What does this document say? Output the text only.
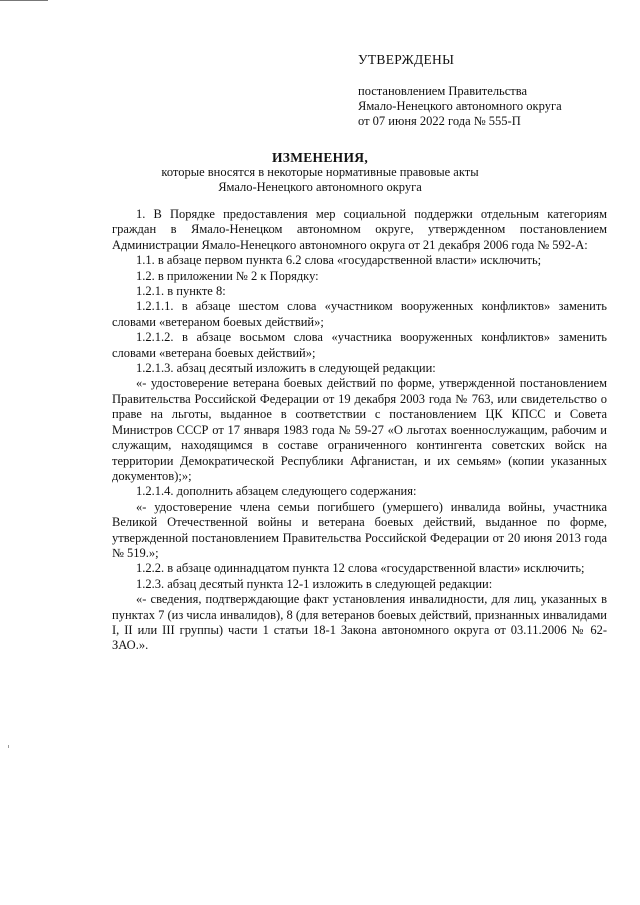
УТВЕРЖДЕНЫ
постановлением Правительства
Ямало-Ненецкого автономного округа
от 07 июня 2022 года № 555-П
ИЗМЕНЕНИЯ,
которые вносятся в некоторые нормативные правовые акты
Ямало-Ненецкого автономного округа

1. В Порядке предоставления мер социальной поддержки отдельным категориям граждан в Ямало-Ненецком автономном округе, утвержденном постановлением Администрации Ямало-Ненецкого автономного округа от 21 декабря 2006 года № 592-А:

1.1. в абзаце первом пункта 6.2 слова «государственной власти» исключить;

1.2. в приложении № 2 к Порядку:

1.2.1. в пункте 8:

1.2.1.1. в абзаце шестом слова «участником вооруженных конфликтов» заменить словами «ветераном боевых действий»;

1.2.1.2. в абзаце восьмом слова «участника вооруженных конфликтов» заменить словами «ветерана боевых действий»;

1.2.1.3. абзац десятый изложить в следующей редакции:

«- удостоверение ветерана боевых действий по форме, утвержденной постановлением Правительства Российской Федерации от 19 декабря 2003 года № 763, или свидетельство о праве на льготы, выданное в соответствии с постановлением ЦК КПСС и Совета Министров СССР от 17 января 1983 года № 59-27 «О льготах военнослужащим, рабочим и служащим, находящимся в составе ограниченного контингента советских войск на территории Демократической Республики Афганистан, и их семьям» (копии указанных документов);»;

1.2.1.4. дополнить абзацем следующего содержания:

«- удостоверение члена семьи погибшего (умершего) инвалида войны, участника Великой Отечественной войны и ветерана боевых действий, выданное по форме, утвержденной постановлением Правительства Российской Федерации от 20 июня 2013 года № 519.»;

1.2.2. в абзаце одиннадцатом пункта 12 слова «государственной власти» исключить;

1.2.3. абзац десятый пункта 12-1 изложить в следующей редакции:

«- сведения, подтверждающие факт установления инвалидности, для лиц, указанных в пунктах 7 (из числа инвалидов), 8 (для ветеранов боевых действий, признанных инвалидами I, II или III группы) части 1 статьи 18-1 Закона автономного округа от 03.11.2006 № 62-ЗАО.».
